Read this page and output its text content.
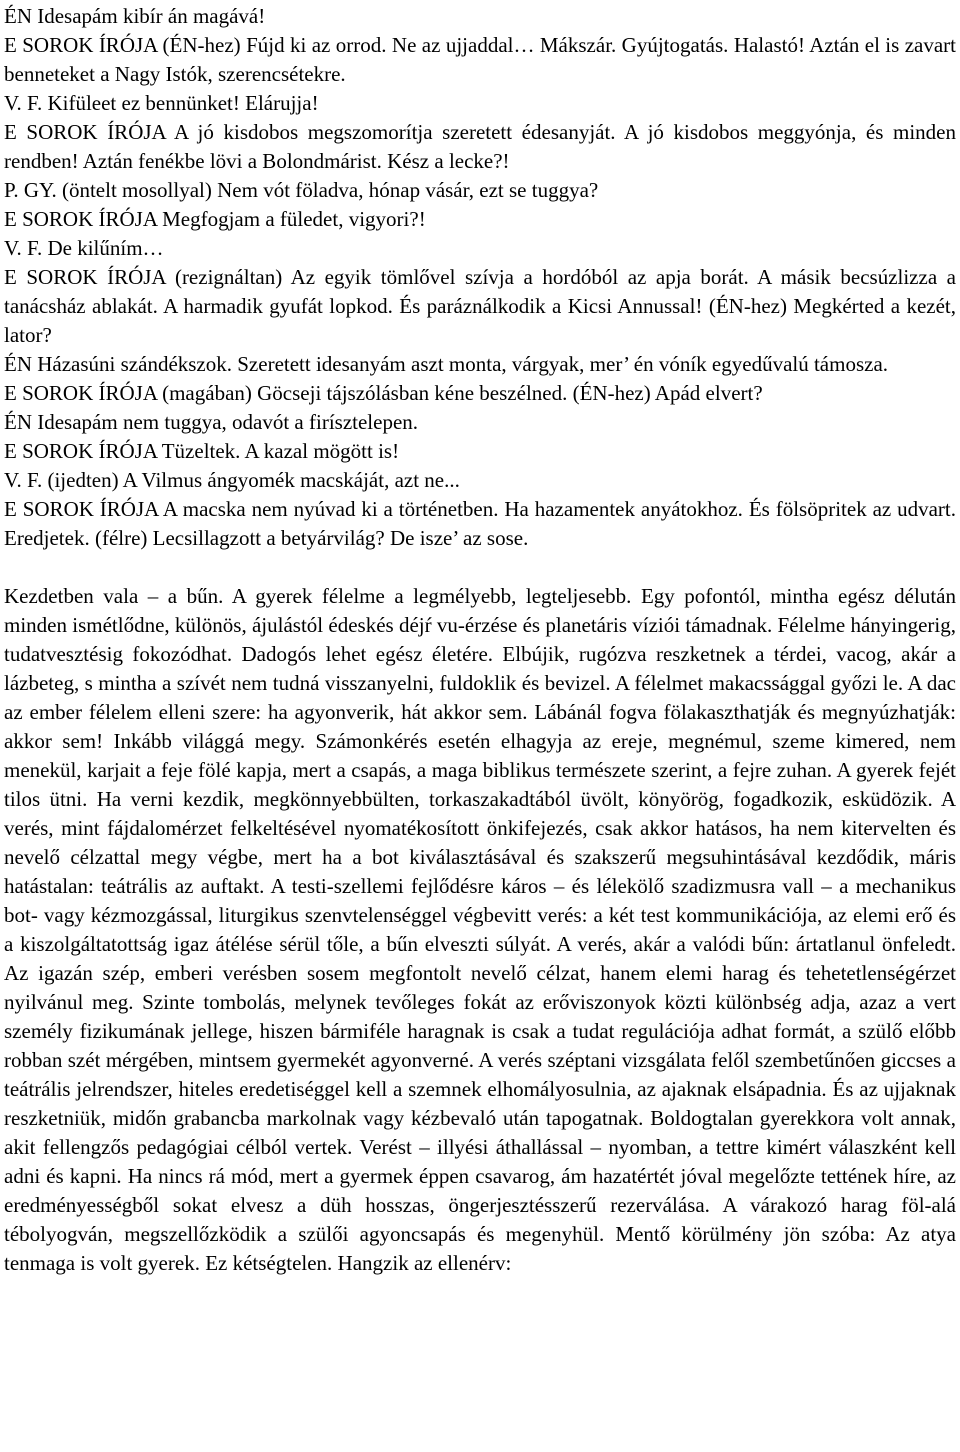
ÉN Idesapám kibír án magává!

E SOROK ÍRÓJA (ÉN-hez) Fújd ki az orrod. Ne az ujjaddal… Mákszár. Gyújtogatás. Halastó! Aztán el is zavart benneteket a Nagy Istók, szerencsétekre.

V. F. Kifüleet ez bennünket! Elárujja!

E SOROK ÍRÓJA A jó kisdobos megszomorítja szeretett édesanyját. A jó kisdobos meggyónja, és minden rendben! Aztán fenékbe lövi a Bolondmárist. Kész a lecke?!

P. GY. (öntelt mosollyal) Nem vót föladva, hónap vásár, ezt se tuggya?

E SOROK ÍRÓJA Megfogjam a füledet, vigyori?!

V. F. De kilűním…

E SOROK ÍRÓJA (rezignáltan) Az egyik tömlővel szívja a hordóból az apja borát. A másik becsúzlizza a tanácsház ablakát. A harmadik gyufát lopkod. És paráználkodik a Kicsi Annussal! (ÉN-hez) Megkérted a kezét, lator?

ÉN Házasúni szándékszok. Szeretett idesanyám aszt monta, várgyak, mer’ én vóník egyedűvalú támosza.

E SOROK ÍRÓJA (magában) Göcseji tájszólásban kéne beszélned. (ÉN-hez) Apád elvert?

ÉN Idesapám nem tuggya, odavót a firísztelepen.

E SOROK ÍRÓJA Tüzeltek. A kazal mögött is!

V. F. (ijedten) A Vilmus ángyomék macskáját, azt ne...

E SOROK ÍRÓJA A macska nem nyúvad ki a történetben. Ha hazamentek anyátokhoz. És fölsöpritek az udvart. Eredjetek. (félre) Lecsillagzott a betyárvilág? De isze’ az sose.

Kezdetben vala – a bűn. A gyerek félelme a legmélyebb, legteljesebb. Egy pofontól, mintha egész délután minden ismétlődne, különös, ájulástól édeskés déjŕ vu-érzése és planetáris víziói támadnak. Félelme hányingerig, tudatvesztésig fokozódhat. Dadogós lehet egész életére. Elbújik, rugózva reszketnek a térdei, vacog, akár a lázbeteg, s mintha a szívét nem tudná visszanyelni, fuldoklik és bevizel. A félelmet makacssággal győzi le. A dac az ember félelem elleni szere: ha agyonverik, hát akkor sem. Lábánál fogva fölakaszthatják és megnyúzhatják: akkor sem! Inkább világgá megy. Számonkérés esetén elhagyja az ereje, megnémul, szeme kimered, nem menekül, karjait a feje fölé kapja, mert a csapás, a maga biblikus természete szerint, a fejre zuhan. A gyerek fejét tilos ütni. Ha verni kezdik, megkönnyebbülten, torkaszakadtából üvölt, könyörög, fogadkozik, esküdözik. A verés, mint fájdalomérzet felkeltésével nyomatékosított önkifejezés, csak akkor hatásos, ha nem kitervelten és nevelő célzattal megy végbe, mert ha a bot kiválasztásával és szakszerű megsuhintásával kezdődik, máris hatástalan: teátrális az auftakt. A testi-szellemi fejlődésre káros – és lélekölő szadizmusra vall – a mechanikus bot- vagy kézmozgással, liturgikus szenvtelenséggel végbevitt verés: a két test kommunikációja, az elemi erő és a kiszolgáltatottság igaz átélése sérül tőle, a bűn elveszti súlyát. A verés, akár a valódi bűn: ártatlanul önfeledt. Az igazán szép, emberi verésben sosem megfontolt nevelő célzat, hanem elemi harag és tehetetlenségérzet nyilvánul meg. Szinte tombolás, melynek tevőleges fokát az erőviszonyok közti különbség adja, azaz a vert személy fizikumának jellege, hiszen bármiféle haragnak is csak a tudat regulációja adhat formát, a szülő előbb robban szét mérgében, mintsem gyermekét agyonverné. A verés széptani vizsgálata felől szembetűnően giccses a teátrális jelrendszer, hiteles eredetiséggel kell a szemnek elhomályosulnia, az ajaknak elsápadnia. És az ujjaknak reszketniük, midőn grabancba markolnak vagy kézbevaló után tapogatnak. Boldogtalan gyerekkora volt annak, akit fellengzős pedagógiai célból vertek. Verést – illyési áthallással – nyomban, a tettre kimért válaszként kell adni és kapni. Ha nincs rá mód, mert a gyermek éppen csavarog, ám hazatértét jóval megelőzte tettének híre, az eredményességből sokat elvesz a düh hosszas, öngerjesztésszerű rezerválása. A várakozó harag föl-alá tébolyogván, megszellőzködik a szülői agyoncsapás és megenyhül. Mentő körülmény jön szóba: Az atya tenmaga is volt gyerek. Ez kétségtelen. Hangzik az ellenérv:
